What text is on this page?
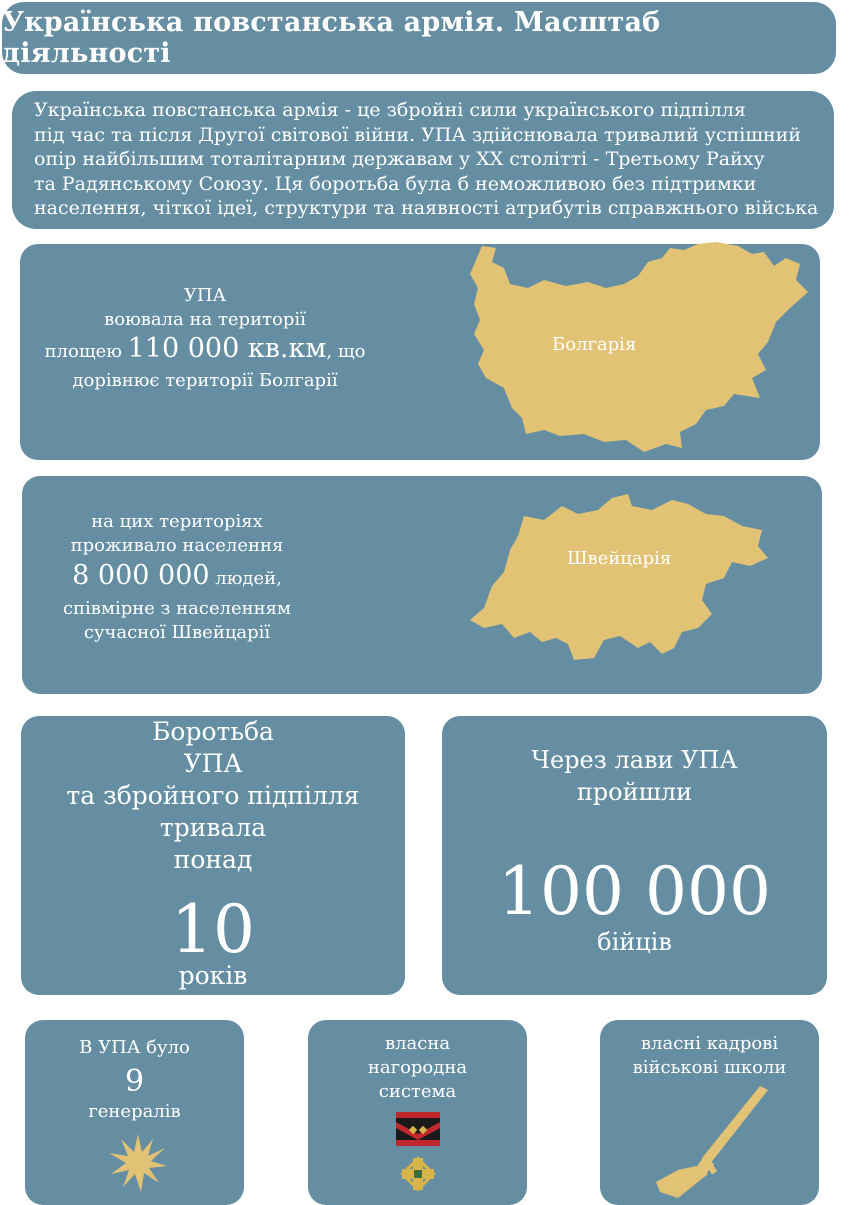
Українська повстанська армія. Масштаб діяльності
Українська повстанська армія - це збройні сили українського підпілля
під час та після Другої світової війни. УПА здійснювала тривалий успішний
опір найбільшим тоталітарним державам у ХХ столітті - Третьому Райху
та Радянському Союзу. Ця боротьба була б неможливою без підтримки
населення, чіткої ідеї, структури та наявності атрибутів справжнього війська
УПА
воювала на території
площею 110 000 кв.км, що
дорівнює території Болгарії
Болгарія
на цих територіях
проживало населення
8 000 000 людей,
співмірне з населенням
сучасної Швейцарії
Швейцарія
Боротьба
УПА
та збройного підпілля
тривала
понад
10
років
Через лави УПА
пройшли
100 000
бійців
В УПА було
9
генералів
власна
нагородна
система
власні кадрові
військові школи
